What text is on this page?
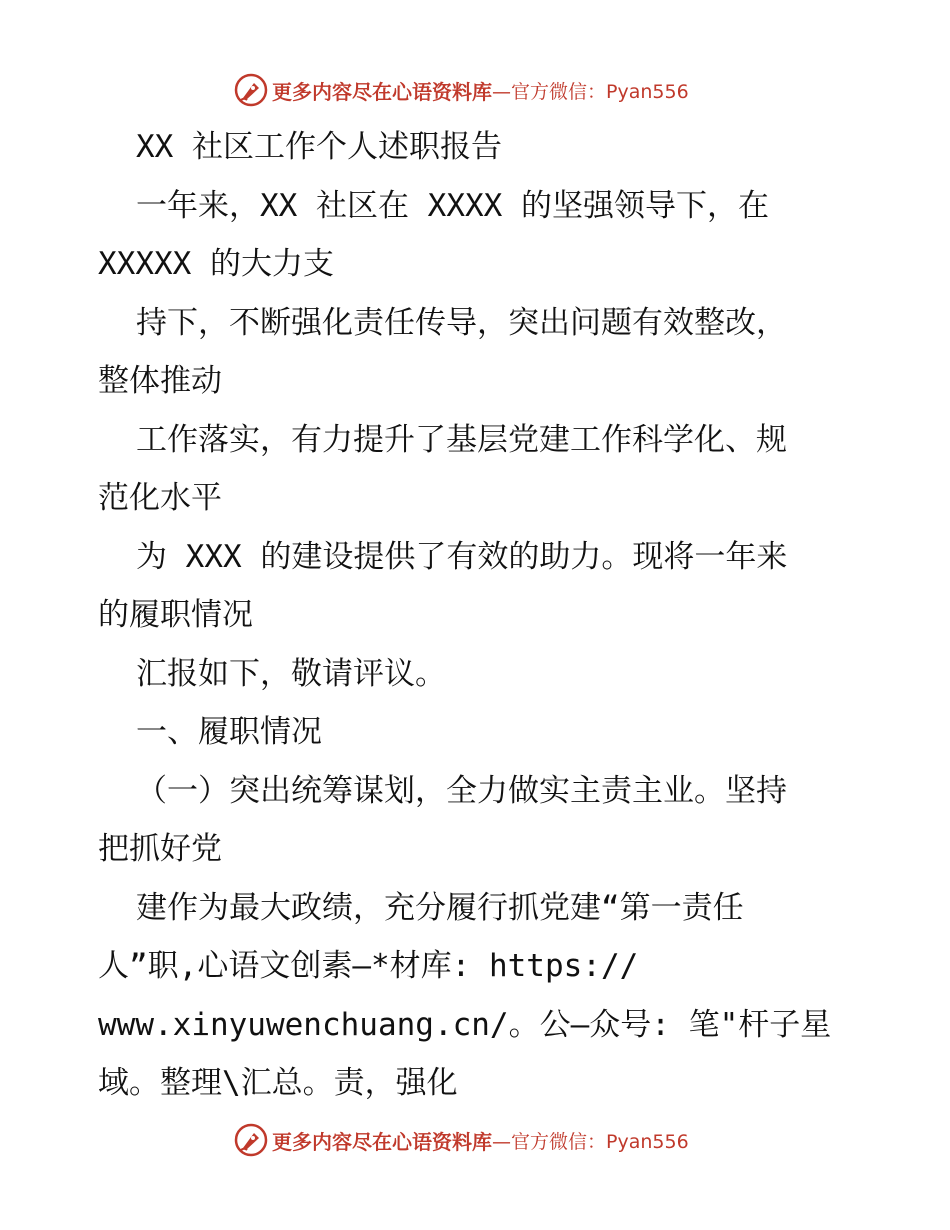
更多内容尽在心语资料库 —官方微信：Pyan556
XX 社区工作个人述职报告
一年来，XX 社区在 XXXX 的坚强领导下，在
XXXXX 的大力支
持下，不断强化责任传导，突出问题有效整改，
整体推动
工作落实，有力提升了基层党建工作科学化、规
范化水平
为 XXX 的建设提供了有效的助力。现将一年来
的履职情况
汇报如下，敬请评议。
一、履职情况
（一）突出统筹谋划，全力做实主责主业。坚持
把抓好党
建作为最大政绩，充分履行抓党建“第一责任
人”职,心语文创素—*材库: https://
www.xinyuwenchuang.cn/。公—众号: 笔"杆子星
域。整理\汇总。责，强化
更多内容尽在心语资料库 —官方微信：Pyan556
